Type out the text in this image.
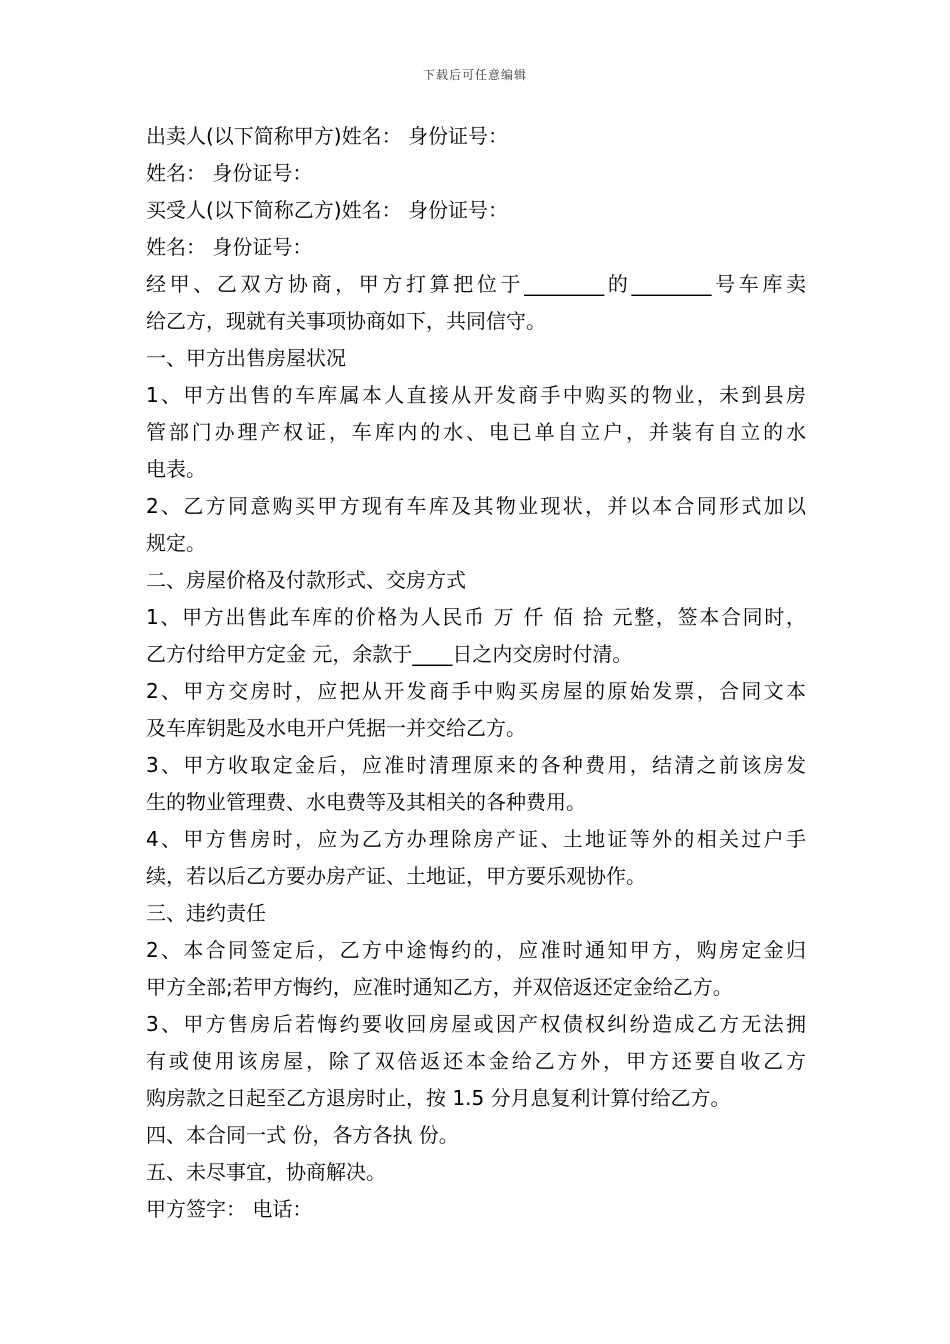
下载后可任意编辑
出卖人(以下简称甲方)姓名： 身份证号：
姓名： 身份证号：
买受人(以下简称乙方)姓名： 身份证号：
姓名： 身份证号：
经甲、乙双方协商，甲方打算把位于________的________号车库卖
给乙方，现就有关事项协商如下，共同信守。
一、甲方出售房屋状况
1、甲方出售的车库属本人直接从开发商手中购买的物业，未到县房
管部门办理产权证，车库内的水、电已单自立户，并装有自立的水
电表。
2、乙方同意购买甲方现有车库及其物业现状，并以本合同形式加以
规定。
二、房屋价格及付款形式、交房方式
1、甲方出售此车库的价格为人民币 万 仟 佰 拾 元整，签本合同时，
乙方付给甲方定金 元，余款于____日之内交房时付清。
2、甲方交房时，应把从开发商手中购买房屋的原始发票，合同文本
及车库钥匙及水电开户凭据一并交给乙方。
3、甲方收取定金后，应准时清理原来的各种费用，结清之前该房发
生的物业管理费、水电费等及其相关的各种费用。
4、甲方售房时，应为乙方办理除房产证、土地证等外的相关过户手
续，若以后乙方要办房产证、土地证，甲方要乐观协作。
三、违约责任
2、本合同签定后，乙方中途悔约的，应准时通知甲方，购房定金归
甲方全部;若甲方悔约，应准时通知乙方，并双倍返还定金给乙方。
3、甲方售房后若悔约要收回房屋或因产权债权纠纷造成乙方无法拥
有或使用该房屋，除了双倍返还本金给乙方外，甲方还要自收乙方
购房款之日起至乙方退房时止，按 1.5 分月息复利计算付给乙方。
四、本合同一式 份，各方各执 份。
五、未尽事宜，协商解决。
甲方签字： 电话：
